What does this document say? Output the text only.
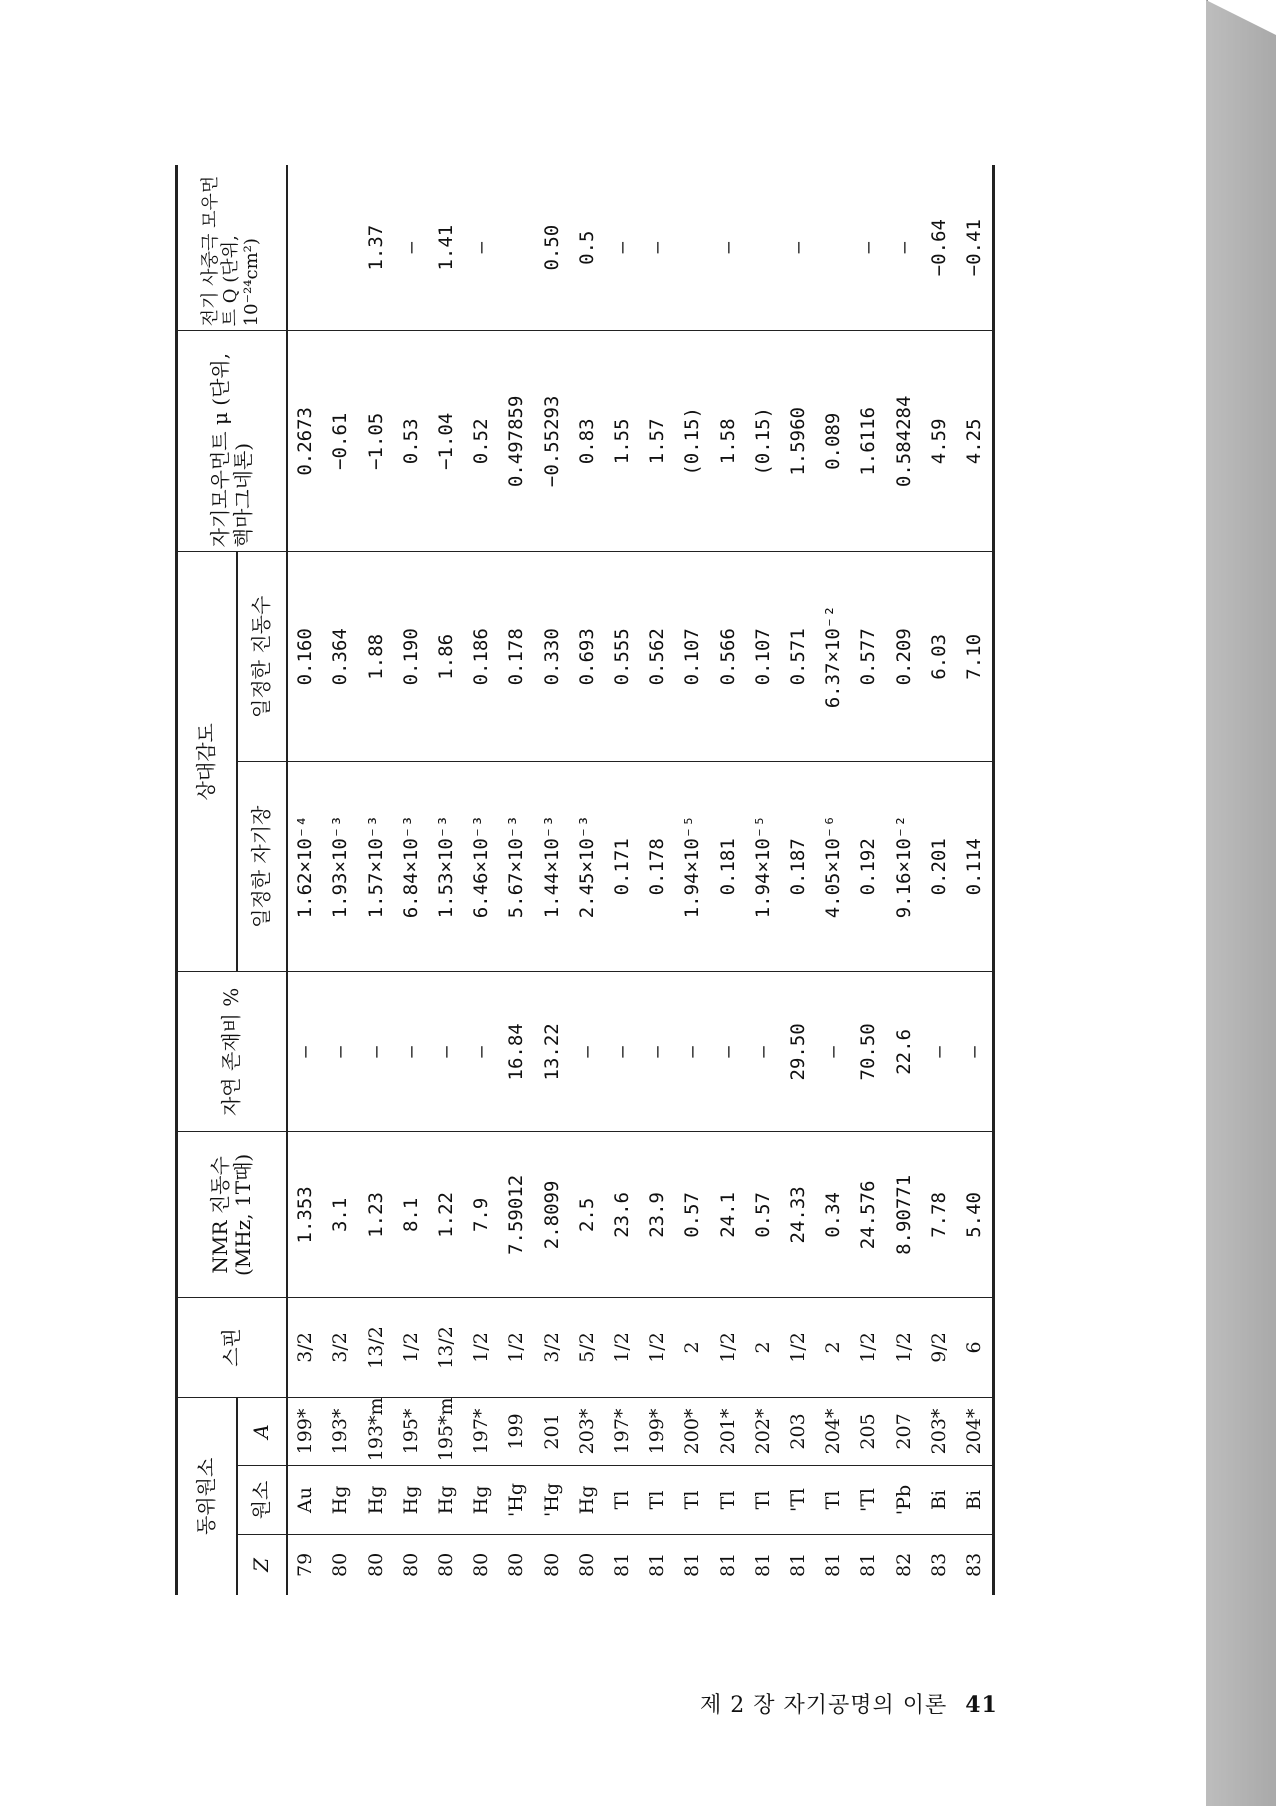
동위원소			스핀	NMR 진동수 (MHz, 1T때)	자연 존재비 %	상대감도		자기모우먼트 μ (단위, 핵마그네톤)	전기 사중극 모우먼트 Q (단위, 10⁻²⁴cm²)
Z	원소	A				일정한 자기장	일정한 진동수		
79	Au	199*	3/2	1.353	—	1.62×10⁻⁴	0.160	0.2673	
80	Hg	193*	3/2	3.1	—	1.93×10⁻³	0.364	−0.61	
80	Hg	193*m	13/2	1.23	—	1.57×10⁻³	1.88	−1.05	1.37
80	Hg	195*	1/2	8.1	—	6.84×10⁻³	0.190	0.53	—
80	Hg	195*m	13/2	1.22	—	1.53×10⁻³	1.86	−1.04	1.41
80	Hg	197*	1/2	7.9	—	6.46×10⁻³	0.186	0.52	—
80	'Hg	199	1/2	7.59012	16.84	5.67×10⁻³	0.178	0.497859	
80	'Hg	201	3/2	2.8099	13.22	1.44×10⁻³	0.330	−0.55293	0.50
80	Hg	203*	5/2	2.5	—	2.45×10⁻³	0.693	0.83	0.5
81	Tl	197*	1/2	23.6	—	0.171	0.555	1.55	—
81	Tl	199*	1/2	23.9	—	0.178	0.562	1.57	—
81	Tl	200*	2	0.57	—	1.94×10⁻⁵	0.107	(0.15)	
81	Tl	201*	1/2	24.1	—	0.181	0.566	1.58	—
81	Tl	202*	2	0.57	—	1.94×10⁻⁵	0.107	(0.15)	
81	'Tl	203	1/2	24.33	29.50	0.187	0.571	1.5960	—
81	Tl	204*	2	0.34	—	4.05×10⁻⁶	6.37×10⁻²	0.089	
81	'Tl	205	1/2	24.576	70.50	0.192	0.577	1.6116	—
82	'Pb	207	1/2	8.90771	22.6	9.16×10⁻²	0.209	0.584284	—
83	Bi	203*	9/2	7.78	—	0.201	6.03	4.59	−0.64
83	Bi	204*	6	5.40	—	0.114	7.10	4.25	−0.41
제 2 장 자기공명의 이론 41
